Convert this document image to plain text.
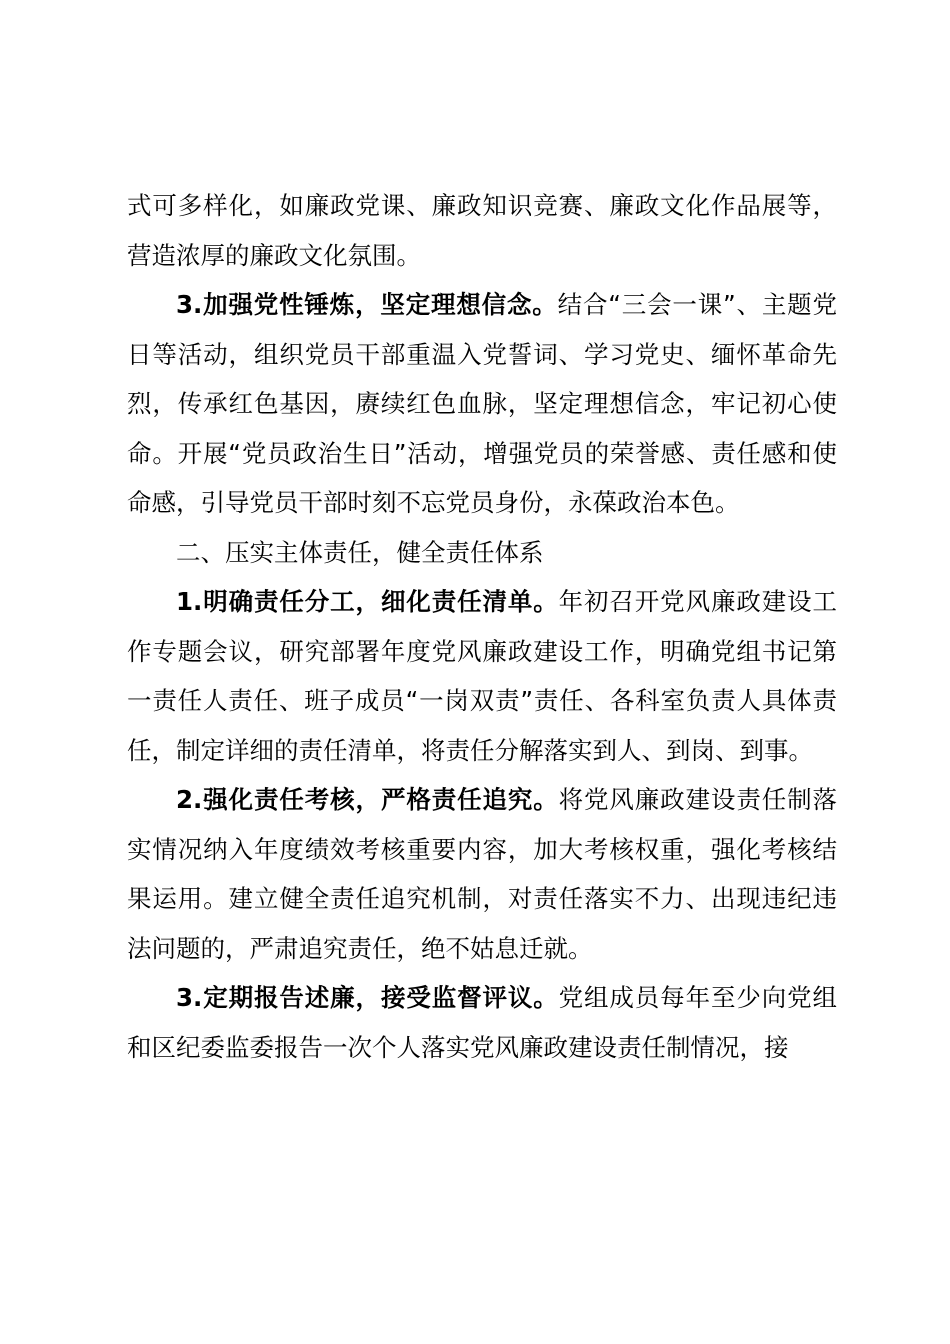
式可多样化，如廉政党课、廉政知识竞赛、廉政文化作品展等，营造浓厚的廉政文化氛围。

3.加强党性锤炼，坚定理想信念。结合“三会一课”、主题党日等活动，组织党员干部重温入党誓词、学习党史、缅怀革命先烈，传承红色基因，赓续红色血脉，坚定理想信念，牢记初心使命。开展“党员政治生日”活动，增强党员的荣誉感、责任感和使命感，引导党员干部时刻不忘党员身份，永葆政治本色。

二、压实主体责任，健全责任体系

1.明确责任分工，细化责任清单。年初召开党风廉政建设工作专题会议，研究部署年度党风廉政建设工作，明确党组书记第一责任人责任、班子成员“一岗双责”责任、各科室负责人具体责任，制定详细的责任清单，将责任分解落实到人、到岗、到事。

2.强化责任考核，严格责任追究。将党风廉政建设责任制落实情况纳入年度绩效考核重要内容，加大考核权重，强化考核结果运用。建立健全责任追究机制，对责任落实不力、出现违纪违法问题的，严肃追究责任，绝不姑息迁就。

3.定期报告述廉，接受监督评议。党组成员每年至少向党组和区纪委监委报告一次个人落实党风廉政建设责任制情况，接
